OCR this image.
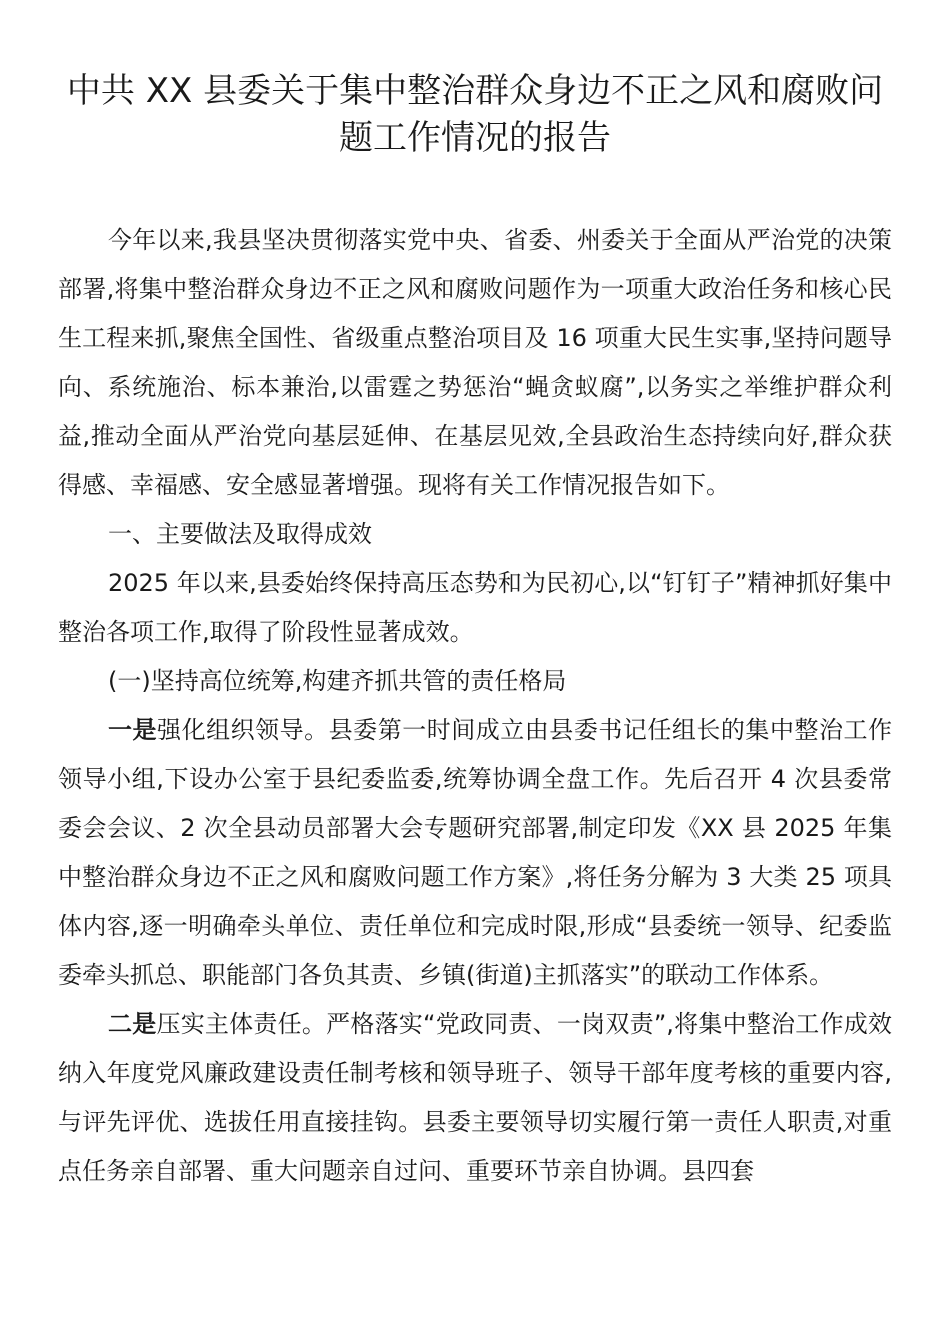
中共 XX 县委关于集中整治群众身边不正之风和腐败问题工作情况的报告

今年以来,我县坚决贯彻落实党中央、省委、州委关于全面从严治党的决策部署,将集中整治群众身边不正之风和腐败问题作为一项重大政治任务和核心民生工程来抓,聚焦全国性、省级重点整治项目及 16 项重大民生实事,坚持问题导向、系统施治、标本兼治,以雷霆之势惩治“蝇贪蚁腐”,以务实之举维护群众利益,推动全面从严治党向基层延伸、在基层见效,全县政治生态持续向好,群众获得感、幸福感、安全感显著增强。现将有关工作情况报告如下。

一、主要做法及取得成效

2025 年以来,县委始终保持高压态势和为民初心,以“钉钉子”精神抓好集中整治各项工作,取得了阶段性显著成效。

(一)坚持高位统筹,构建齐抓共管的责任格局

一是强化组织领导。县委第一时间成立由县委书记任组长的集中整治工作领导小组,下设办公室于县纪委监委,统筹协调全盘工作。先后召开 4 次县委常委会会议、2 次全县动员部署大会专题研究部署,制定印发《XX 县 2025 年集中整治群众身边不正之风和腐败问题工作方案》,将任务分解为 3 大类 25 项具体内容,逐一明确牵头单位、责任单位和完成时限,形成“县委统一领导、纪委监委牵头抓总、职能部门各负其责、乡镇(街道)主抓落实”的联动工作体系。

二是压实主体责任。严格落实“党政同责、一岗双责”,将集中整治工作成效纳入年度党风廉政建设责任制考核和领导班子、领导干部年度考核的重要内容,与评先评优、选拔任用直接挂钩。县委主要领导切实履行第一责任人职责,对重点任务亲自部署、重大问题亲自过问、重要环节亲自协调。县四套
